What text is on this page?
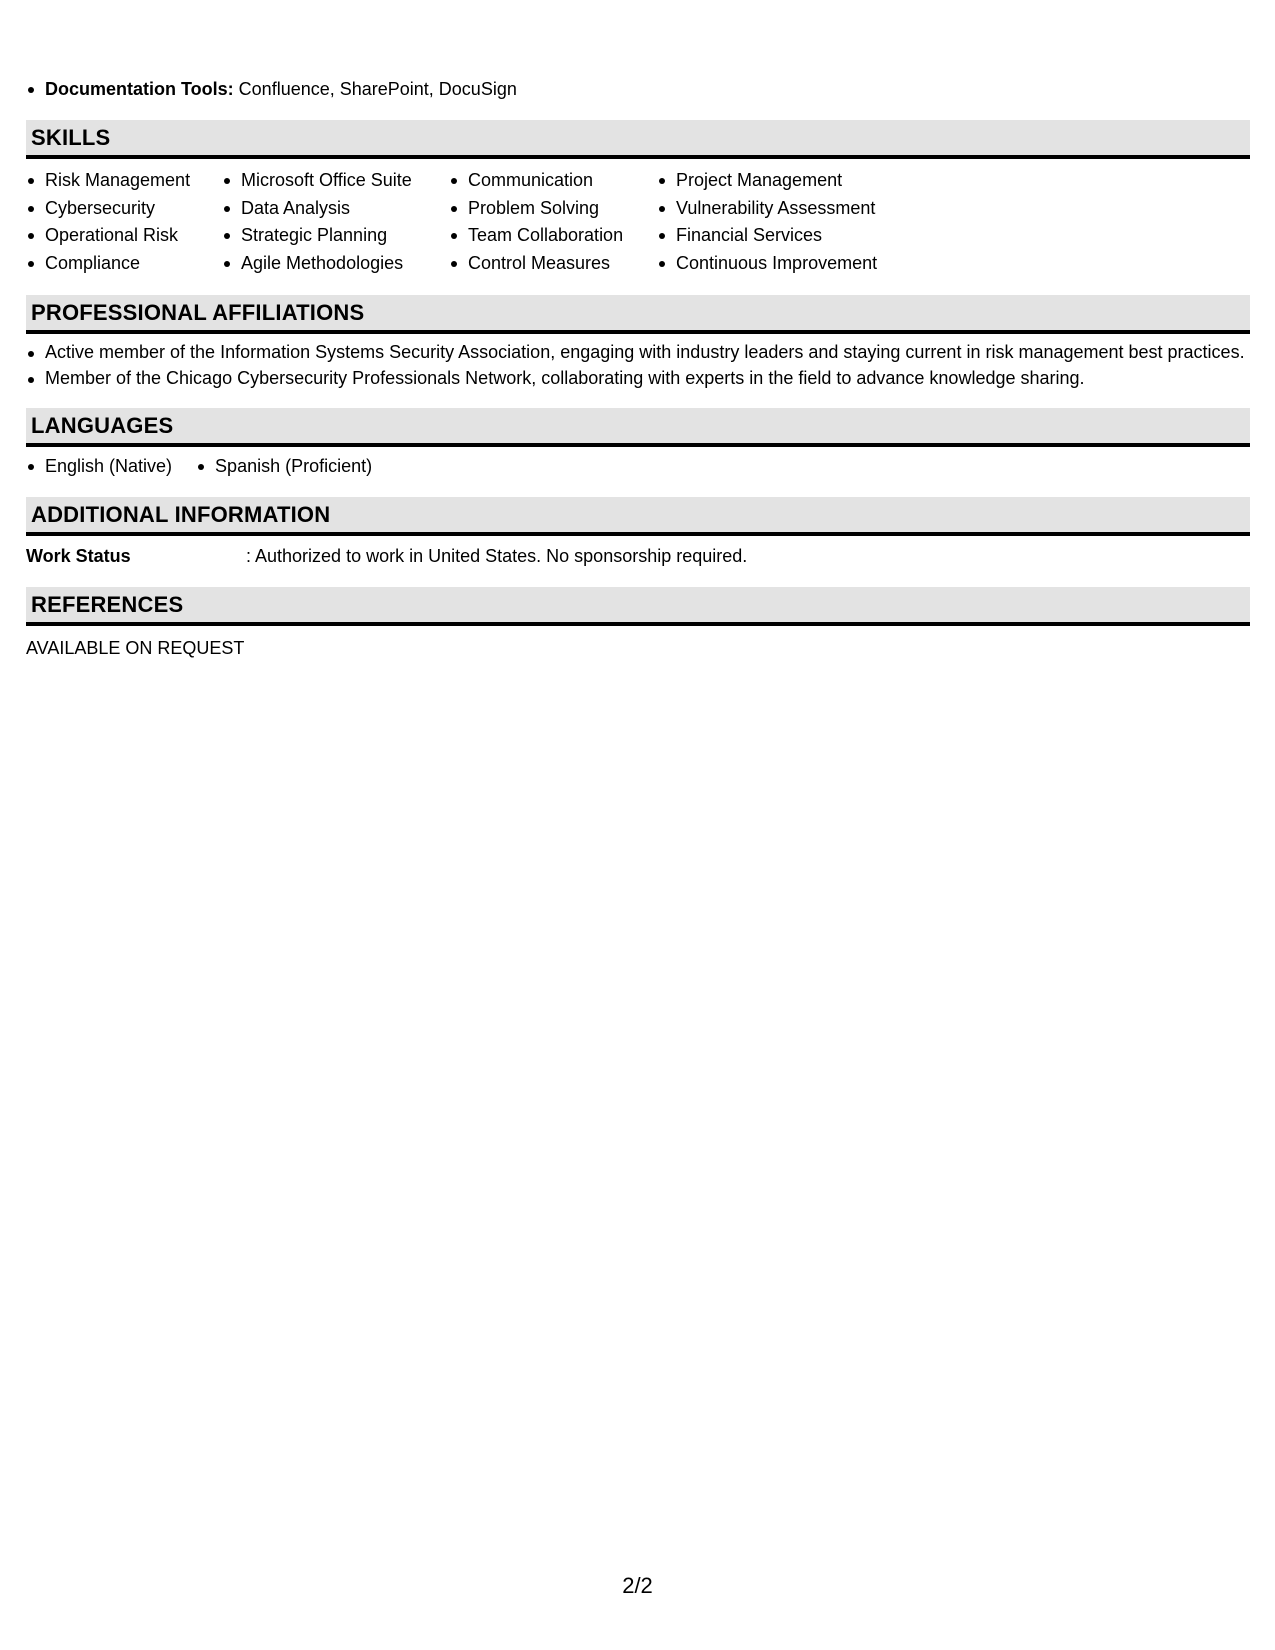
Documentation Tools: Confluence, SharePoint, DocuSign
SKILLS
Risk Management
Cybersecurity
Operational Risk
Compliance
Microsoft Office Suite
Data Analysis
Strategic Planning
Agile Methodologies
Communication
Problem Solving
Team Collaboration
Control Measures
Project Management
Vulnerability Assessment
Financial Services
Continuous Improvement
PROFESSIONAL AFFILIATIONS
Active member of the Information Systems Security Association, engaging with industry leaders and staying current in risk management best practices.
Member of the Chicago Cybersecurity Professionals Network, collaborating with experts in the field to advance knowledge sharing.
LANGUAGES
English (Native)	Spanish (Proficient)
ADDITIONAL INFORMATION
Work Status	: Authorized to work in United States. No sponsorship required.
REFERENCES
AVAILABLE ON REQUEST
2/2
